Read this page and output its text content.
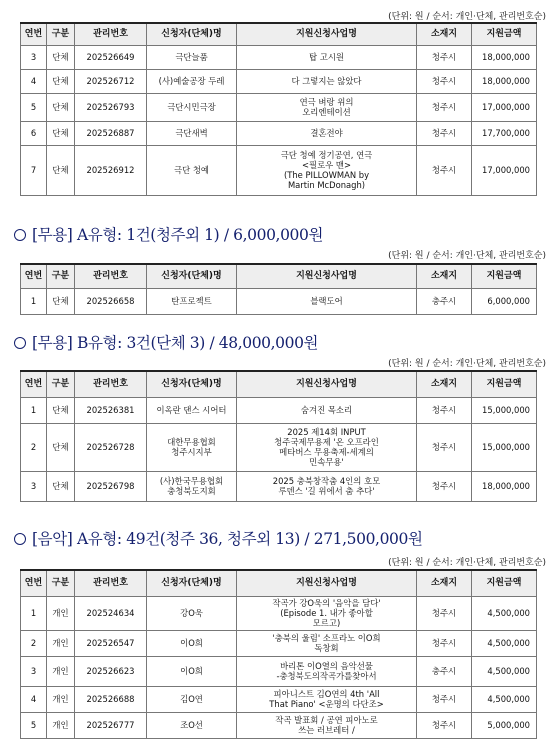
(단위: 원 / 순서: 개인·단체, 관리번호순)
연번	구분	관리번호	신청자(단체)명	지원신청사업명	소재지	지원금액
3	단체	202526649	극단늘품	탑 고시원	청주시	18,000,000
4	단체	202526712	(사)예술공장 두레	다 그렇지는 않았다	청주시	18,000,000
5	단체	202526793	극단시민극장	연극 벼랑 위의
오리엔테이션	청주시	17,000,000
6	단체	202526887	극단새벽	결혼전야	청주시	17,700,000
7	단체	202526912	극단 청예	극단 청예 정기공연, 연극
<필로우 맨>
(The PILLOWMAN by
Martin McDonagh)	청주시	17,000,000
[무용] A유형: 1건(청주외 1) / 6,000,000원
(단위: 원 / 순서: 개인·단체, 관리번호순)
연번	구분	관리번호	신청자(단체)명	지원신청사업명	소재지	지원금액
1	단체	202526658	탄프로젝트	블랙도어	충주시	6,000,000
[무용] B유형: 3건(단체 3) / 48,000,000원
(단위: 원 / 순서: 개인·단체, 관리번호순)
연번	구분	관리번호	신청자(단체)명	지원신청사업명	소재지	지원금액
1	단체	202526381	이옥란 댄스 시어터	숨겨진 목소리	청주시	15,000,000
2	단체	202526728	대한무용협회
청주시지부	2025 제14회 INPUT
청주국제무용제 '온 오프라인
메타버스 무용축제-세계의
민속무용'	청주시	15,000,000
3	단체	202526798	(사)한국무용협회
충청북도지회	2025 충북창작춤 4인의 호모
루덴스 '길 위에서 춤 추다'	청주시	18,000,000
[음악] A유형: 49건(청주 36, 청주외 13) / 271,500,000원
(단위: 원 / 순서: 개인·단체, 관리번호순)
연번	구분	관리번호	신청자(단체)명	지원신청사업명	소재지	지원금액
1	개인	202524634	강O욱	작곡가 강O욱의 '음악을 담다'
(Episode 1. 내가 좋아할
모르고)	청주시	4,500,000
2	개인	202526547	이O희	'충북의 울림' 소프라노 이O희
독창회	청주시	4,500,000
3	개인	202526623	이O희	바리톤 이O열의 음악선물
-충청북도의작곡가를찾아서	충주시	4,500,000
4	개인	202526688	김O연	피아니스트 김O연의 4th 'All
That Piano' <운명의 다단조>	청주시	4,500,000
5	개인	202526777	조O선	작곡 발표회 / 공연 피아노로
쓰는 러브레터 /	청주시	5,000,000
